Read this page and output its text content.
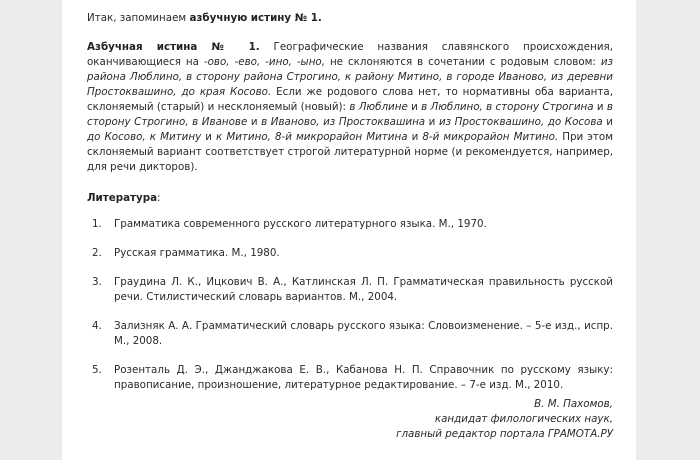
Итак, запоминаем азбучную истину № 1.

Азбучная истина № 1. Географические названия славянского происхождения, оканчивающиеся на -ово, -ево, -ино, -ыно, не склоняются в сочетании с родовым словом: из района Люблино, в сторону района Строгино, к району Митино, в городе Иваново, из деревни Простоквашино, до края Косово. Если же родового слова нет, то нормативны оба варианта, склоняемый (старый) и несклоняемый (новый): в Люблине и в Люблино, в сторону Строгина и в сторону Строгино, в Иванове и в Иваново, из Простоквашина и из Простоквашино, до Косова и до Косово, к Митину и к Митино, 8-й микрорайон Митина и 8-й микрорайон Митино. При этом склоняемый вариант соответствует строгой литературной норме (и рекомендуется, например, для речи дикторов).

Литература:

1. Грамматика современного русского литературного языка. М., 1970.
2. Русская грамматика. М., 1980.
3. Граудина Л. К., Ицкович В. А., Катлинская Л. П. Грамматическая правильность русской речи. Стилистический словарь вариантов. М., 2004.
4. Зализняк А. А. Грамматический словарь русского языка: Словоизменение. – 5-е изд., испр. М., 2008.
5. Розенталь Д. Э., Джанджакова Е. В., Кабанова Н. П. Справочник по русскому языку: правописание, произношение, литературное редактирование. – 7-е изд. М., 2010.
В. М. Пахомов,
кандидат филологических наук,
главный редактор портала ГРАМОТА.РУ
